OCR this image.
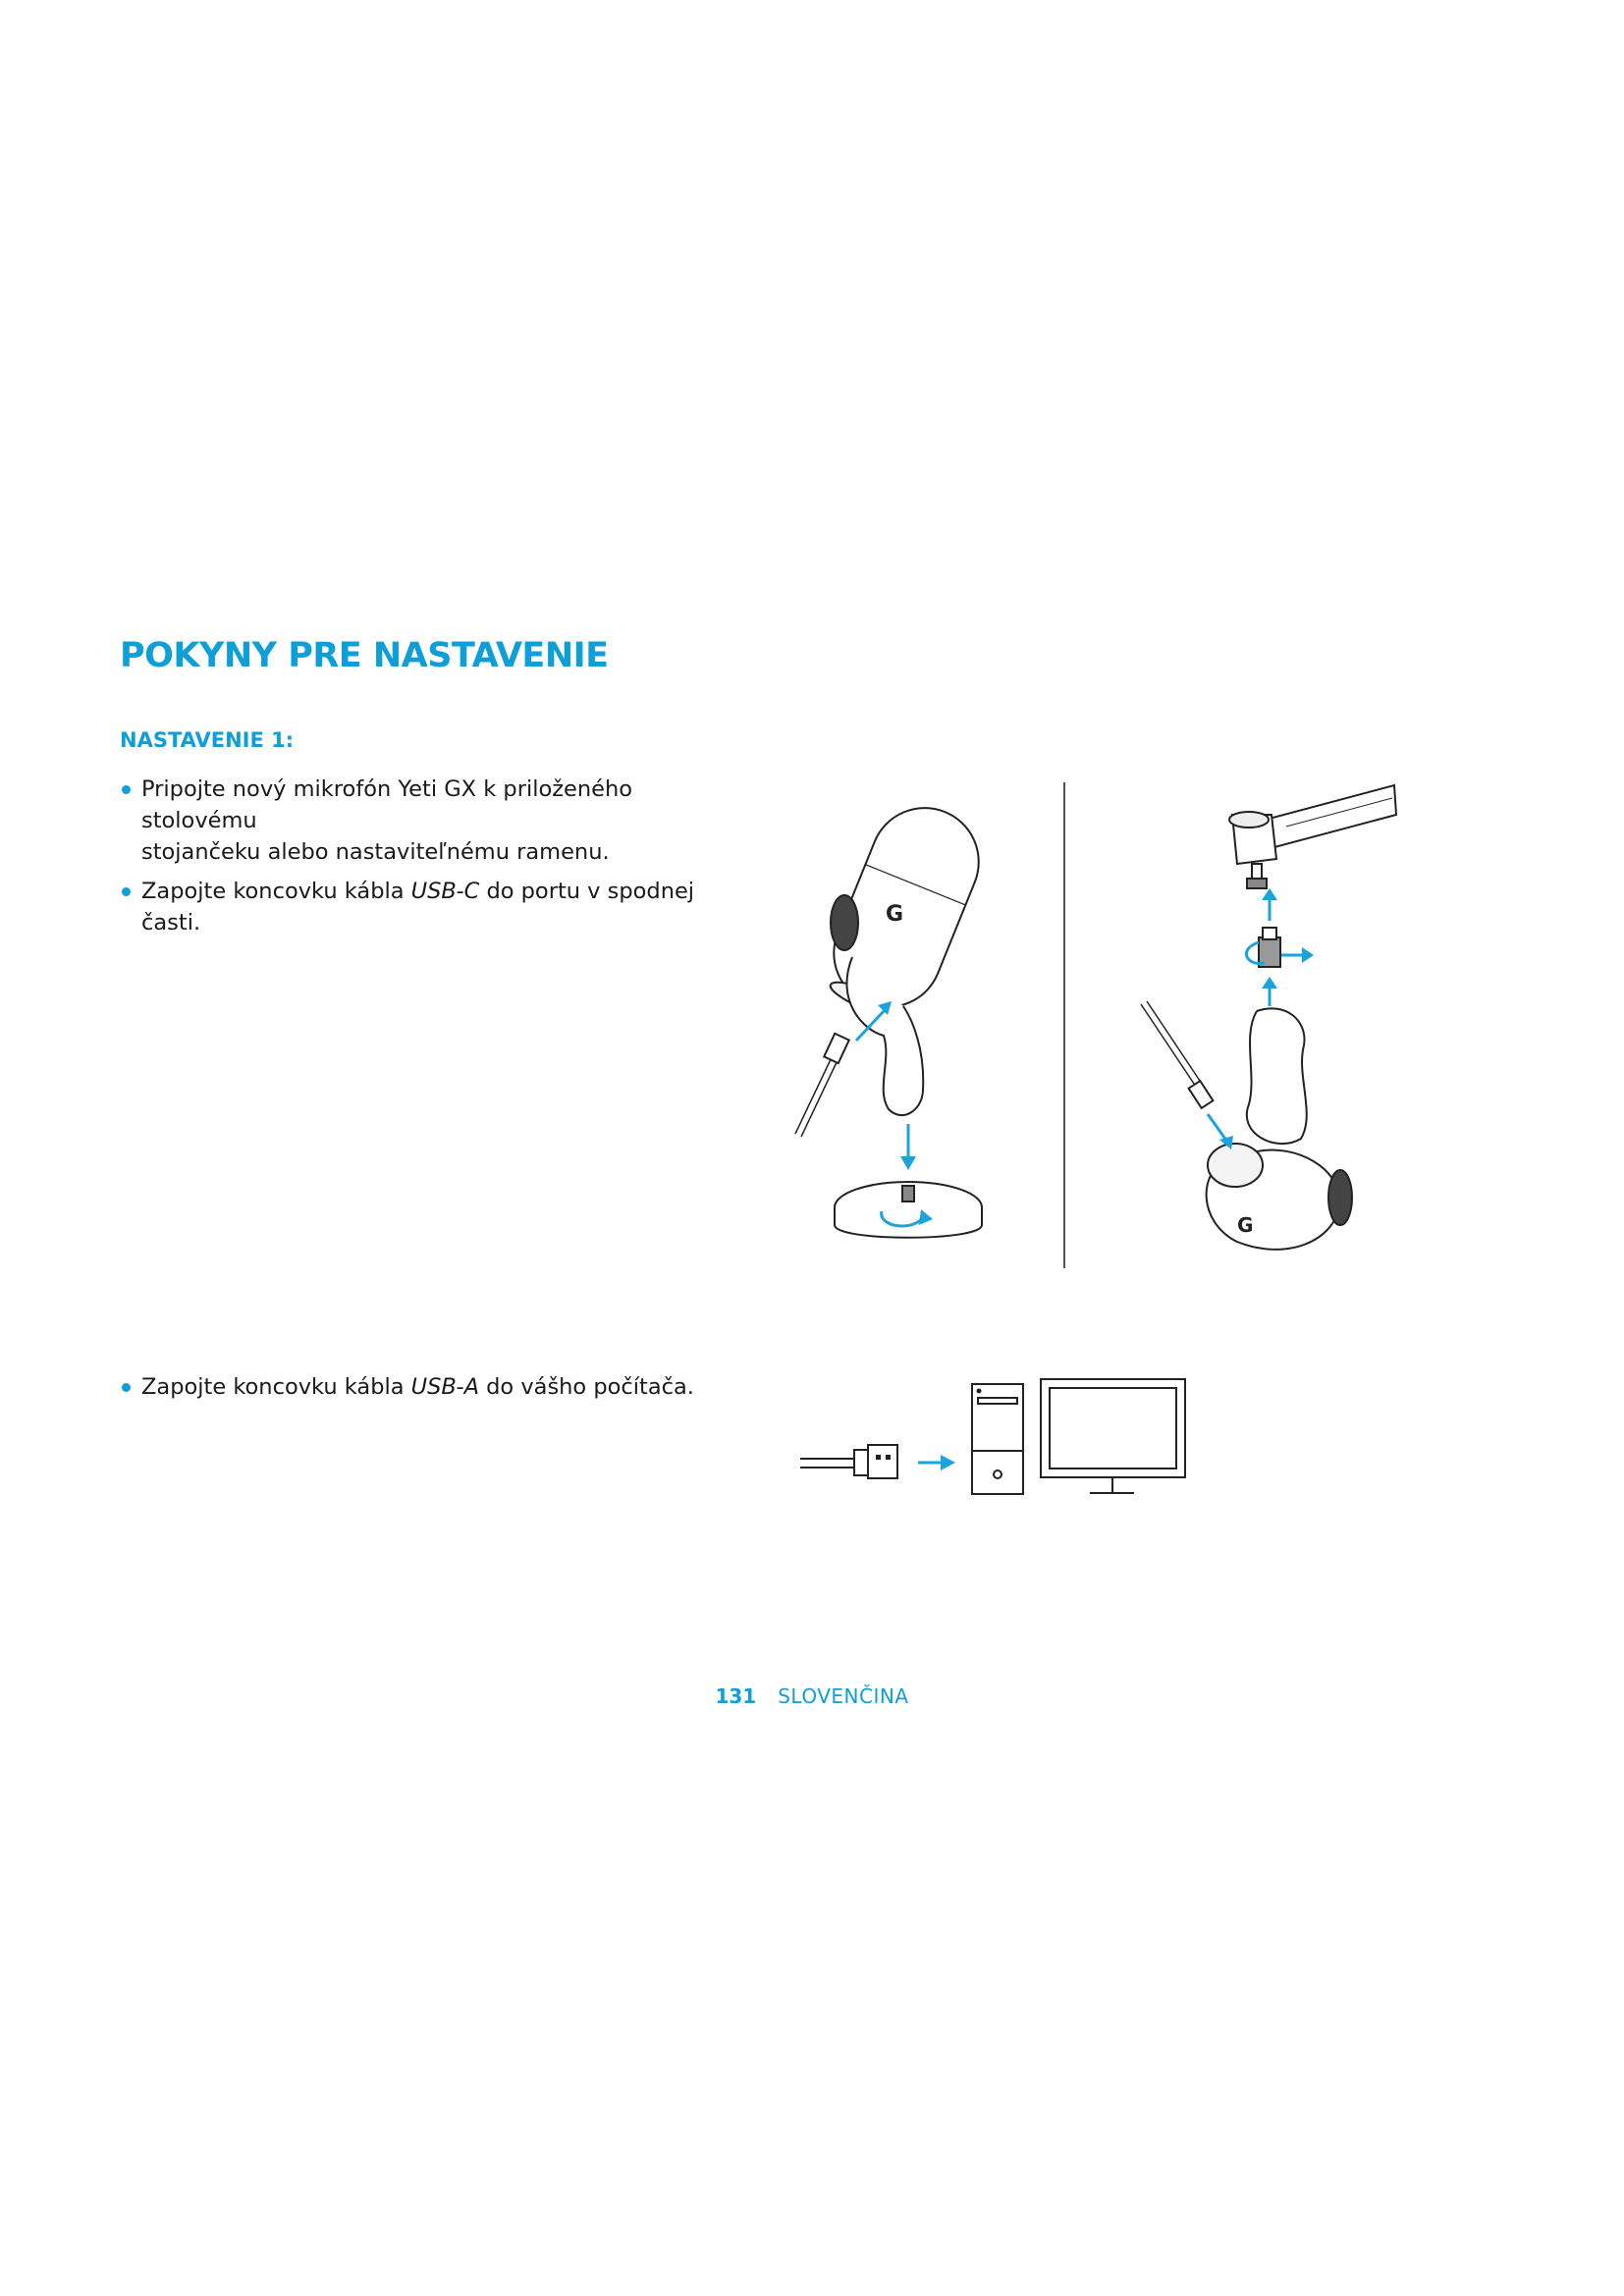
POKYNY PRE NASTAVENIE
NASTAVENIE 1:
Pripojte nový mikrofón Yeti GX k priloženého stolovému
stojančeku alebo nastaviteľnému ramenu.
Zapojte koncovku kábla USB-C do portu v spodnej časti.
Zapojte koncovku kábla USB-A do vášho počítača.
G
G
131 SLOVENČINA
